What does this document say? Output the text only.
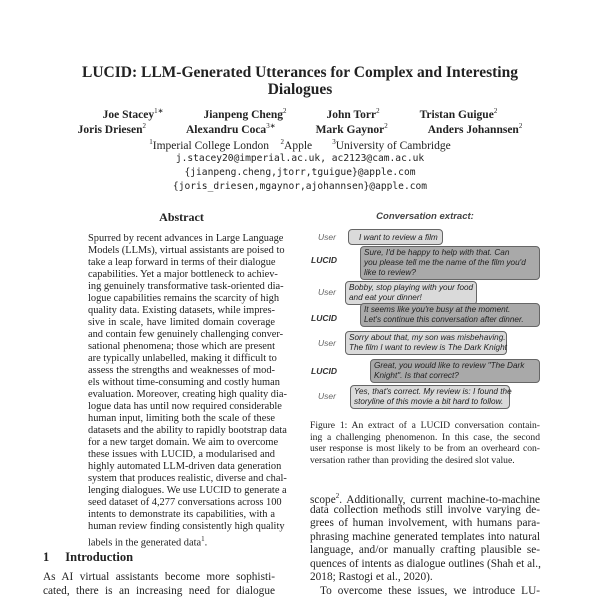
LUCID: LLM-Generated Utterances for Complex and Interesting
Dialogues
Joe Stacey$^{1∗}$	Jianpeng Cheng$^2$	John Torr$^2$	Tristan Guigue$^2$
Joris Driesen$^2$	Alexandru Coca$^{3∗}$	Mark Gaynor$^2$	Anders Johannsen$^2$
$^1$Imperial College London $^2$Apple	$^3$University of Cambridge
j.stacey20@imperial.ac.uk, ac2123@cam.ac.uk
{jianpeng.cheng,jtorr,tguigue}@apple.com
{joris_driesen,mgaynor,ajohannsen}@apple.com
Abstract
Spurred by recent advances in Large Language
Models (LLMs), virtual assistants are poised to
take a leap forward in terms of their dialogue
capabilities. Yet a major bottleneck to achiev-
ing genuinely transformative task-oriented dia-
logue capabilities remains the scarcity of high
quality data. Existing datasets, while impres-
sive in scale, have limited domain coverage
and contain few genuinely challenging conver-
sational phenomena; those which are present
are typically unlabelled, making it difficult to
assess the strengths and weaknesses of mod-
els without time-consuming and costly human
evaluation. Moreover, creating high quality dia-
logue data has until now required considerable
human input, limiting both the scale of these
datasets and the ability to rapidly bootstrap data
for a new target domain. We aim to overcome
these issues with LUCID, a modularised and
highly automated LLM-driven data generation
system that produces realistic, diverse and chal-
lenging dialogues. We use LUCID to generate a
seed dataset of 4,277 conversations across 100
intents to demonstrate its capabilities, with a
human review finding consistently high quality
labels in the generated data$^1$.
1 Introduction
As AI virtual assistants become more sophisti-
cated, there is an increasing need for dialogue
Conversation extract:
User	I want to review a film
LUCID
Sure, I'd be happy to help with that. Can
you please tell me the name of the film you'd
like to review?
User Bobby, stop playing with your food
and eat your dinner!
LUCID
It seems like you're busy at the moment.
Let's continue this conversation after dinner.
User
Sorry about that, my son was misbehaving.
The film I want to review is The Dark Knight
LUCID
Great, you would like to review "The Dark
Knight". Is that correct?
User Yes, that's correct. My review is: I found the
storyline of this movie a bit hard to follow.
Figure 1: An extract of a LUCID conversation contain-
ing a challenging phenomenon. In this case, the second
user response is most likely to be from an overheard con-
versation rather than providing the desired slot value.
scope$^2$. Additionally, current machine-to-machine
data collection methods still involve varying de-
grees of human involvement, with humans para-
phrasing machine generated templates into natural
language, and/or manually crafting plausible se-
quences of intents as dialogue outlines (Shah et al.,
2018; Rastogi et al., 2020).
To overcome these issues, we introduce LU-
